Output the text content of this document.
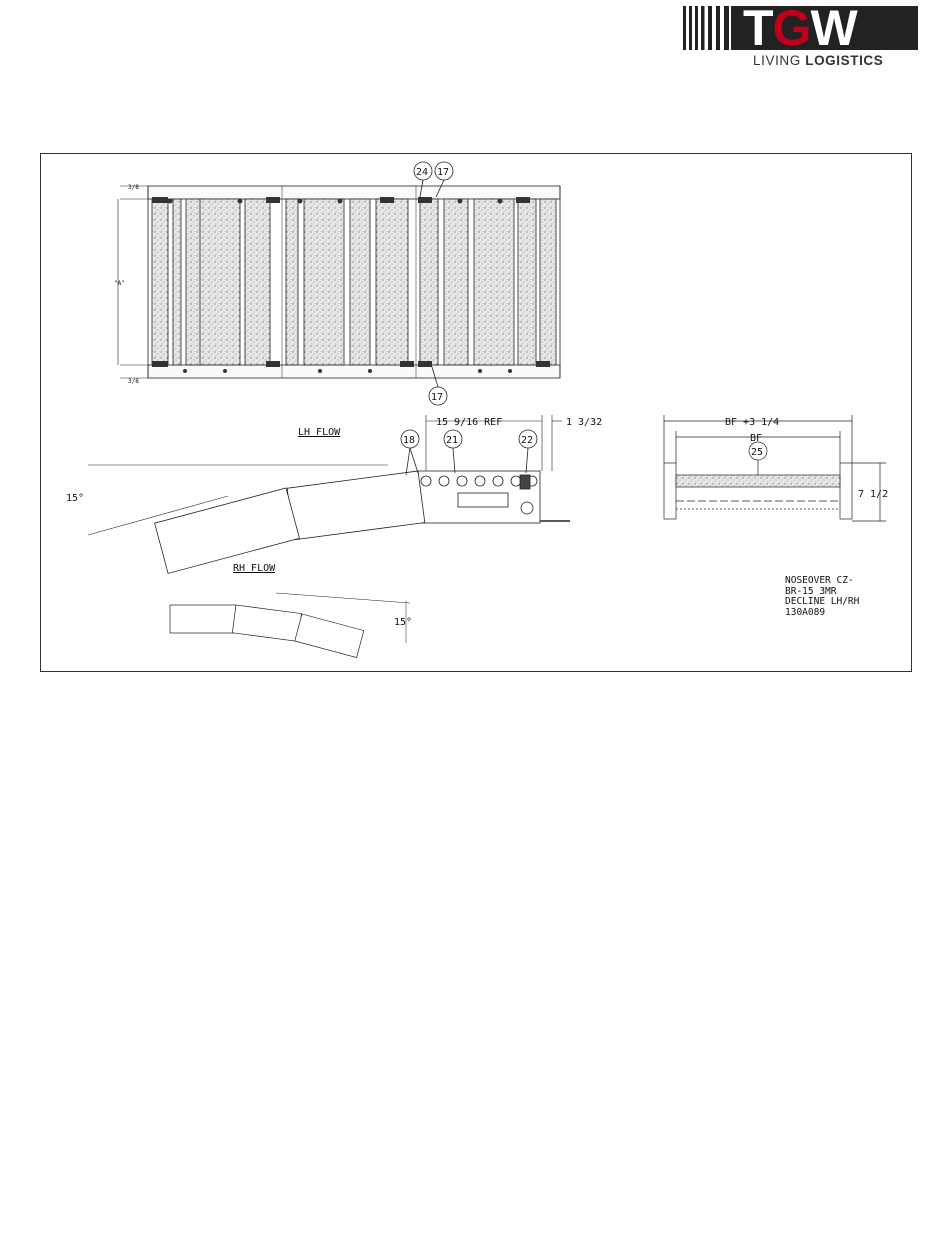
TGW
LIVING LOGISTICS
3/8
3/8
"A"
24 17
17
15°
15 9/16 REF	1 3/32
18	21	22
LH FLOW
RH FLOW
15°
BF +3 1/4
BF
25
7 1/2
NOSEOVER CZ-
BR-15 3MR
DECLINE LH/RH
130A089
